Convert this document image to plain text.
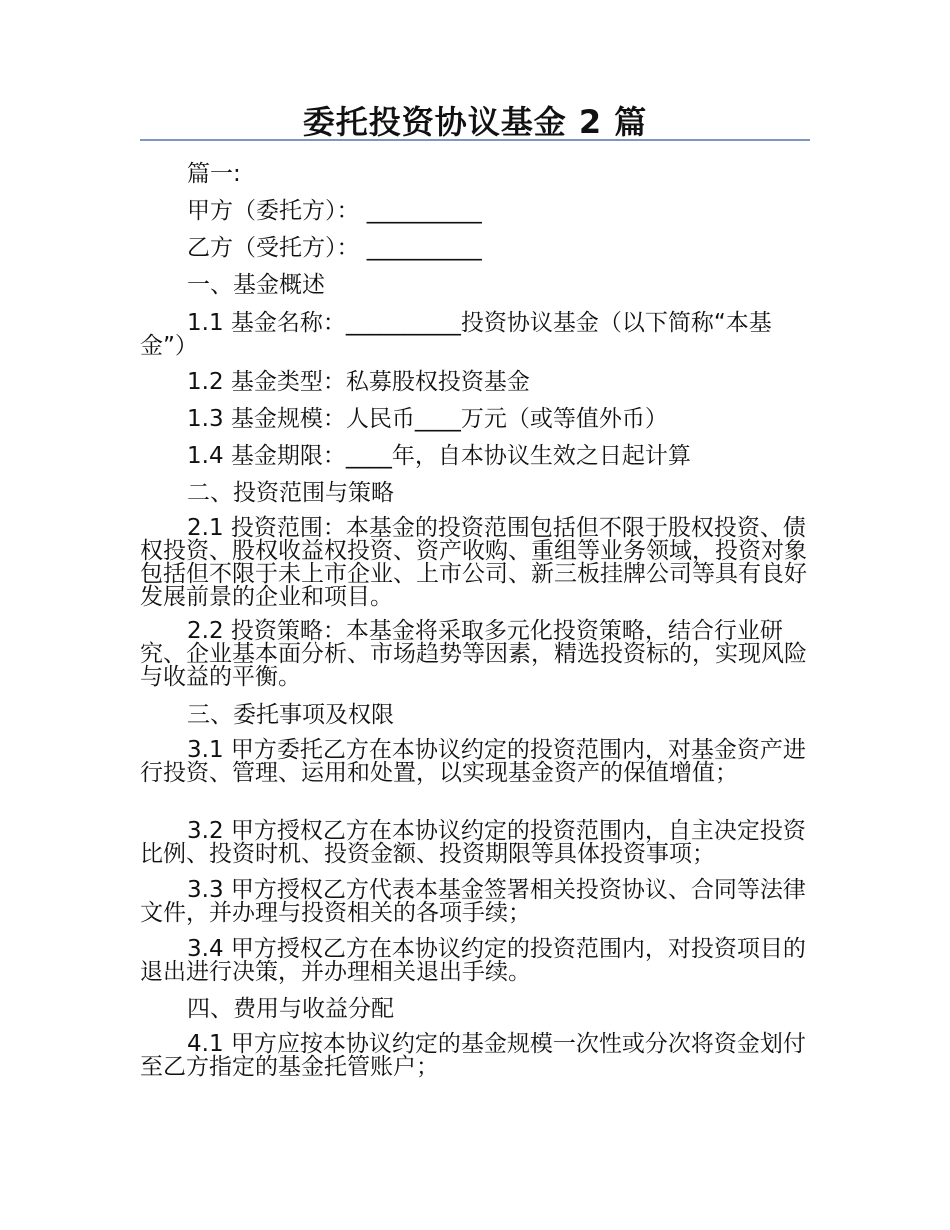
委托投资协议基金 2 篇

篇一:

甲方（委托方）： __________

乙方（受托方）： __________

一、基金概述

1.1 基金名称：__________投资协议基金（以下简称“本基金”）

1.2 基金类型：私募股权投资基金

1.3 基金规模：人民币____万元（或等值外币）

1.4 基金期限：____年，自本协议生效之日起计算

二、投资范围与策略

2.1 投资范围：本基金的投资范围包括但不限于股权投资、债权投资、股权收益权投资、资产收购、重组等业务领域，投资对象包括但不限于未上市企业、上市公司、新三板挂牌公司等具有良好发展前景的企业和项目。

2.2 投资策略：本基金将采取多元化投资策略，结合行业研究、企业基本面分析、市场趋势等因素，精选投资标的，实现风险与收益的平衡。

三、委托事项及权限

3.1 甲方委托乙方在本协议约定的投资范围内，对基金资产进行投资、管理、运用和处置，以实现基金资产的保值增值；

3.2 甲方授权乙方在本协议约定的投资范围内，自主决定投资比例、投资时机、投资金额、投资期限等具体投资事项；

3.3 甲方授权乙方代表本基金签署相关投资协议、合同等法律文件，并办理与投资相关的各项手续；

3.4 甲方授权乙方在本协议约定的投资范围内，对投资项目的退出进行决策，并办理相关退出手续。

四、费用与收益分配

4.1 甲方应按本协议约定的基金规模一次性或分次将资金划付至乙方指定的基金托管账户；
